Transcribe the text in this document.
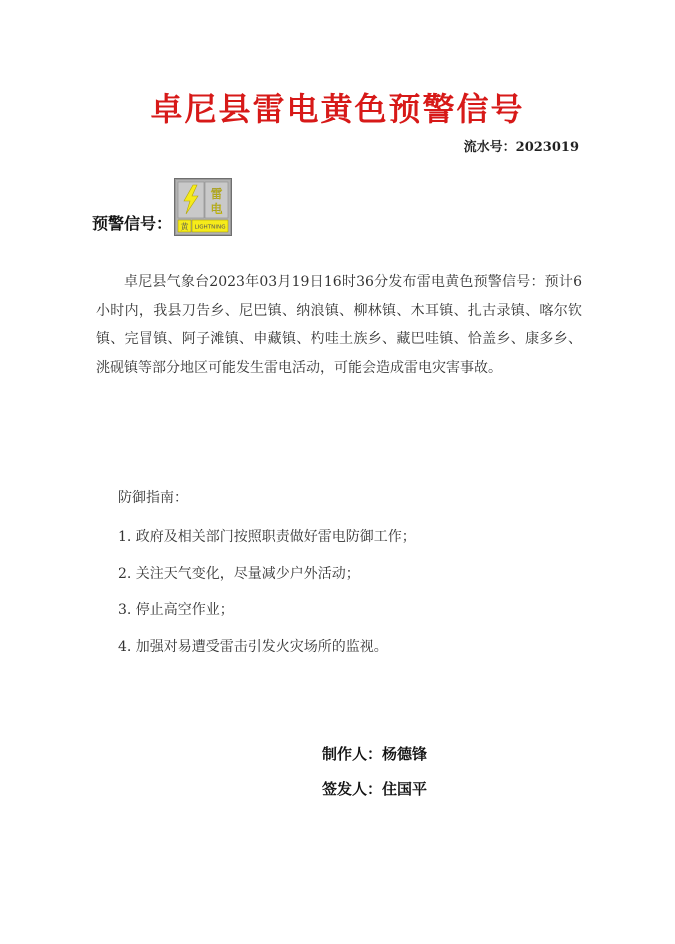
卓尼县雷电黄色预警信号
流水号：2023019
预警信号：
雷
电
黄 LIGHTNING

卓尼县气象台2023年03月19日16时36分发布雷电黄色预警信号：预计6小时内，我县刀告乡、尼巴镇、纳浪镇、柳林镇、木耳镇、扎古录镇、喀尔钦镇、完冒镇、阿子滩镇、申藏镇、杓哇土族乡、藏巴哇镇、恰盖乡、康多乡、洮砚镇等部分地区可能发生雷电活动，可能会造成雷电灾害事故。

防御指南：
1. 政府及相关部门按照职责做好雷电防御工作；
2. 关注天气变化，尽量减少户外活动；
3. 停止高空作业；
4. 加强对易遭受雷击引发火灾场所的监视。
制作人：杨德锋
签发人：住国平
